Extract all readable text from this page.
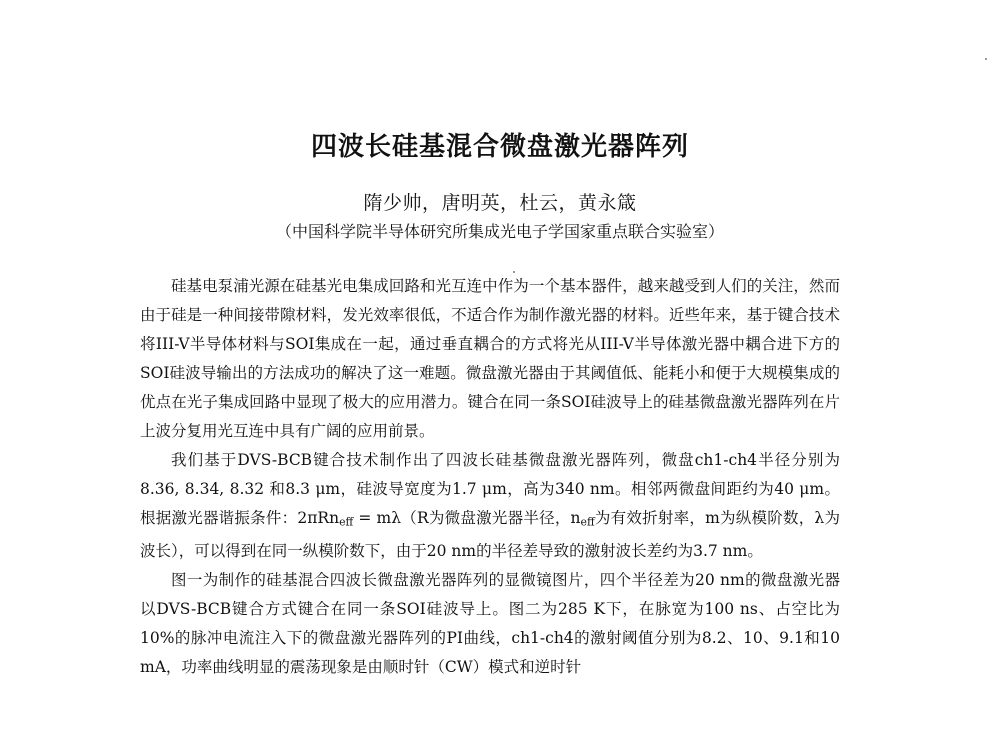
四波长硅基混合微盘激光器阵列
隋少帅，唐明英，杜云，黄永箴
（中国科学院半导体研究所集成光电子学国家重点联合实验室）

硅基电泵浦光源在硅基光电集成回路和光互连中作为一个基本器件，越来越受到人们的关注，然而由于硅是一种间接带隙材料，发光效率很低，不适合作为制作激光器的材料。近些年来，基于键合技术将III-V半导体材料与SOI集成在一起，通过垂直耦合的方式将光从III-V半导体激光器中耦合进下方的SOI硅波导输出的方法成功的解决了这一难题。微盘激光器由于其阈值低、能耗小和便于大规模集成的优点在光子集成回路中显现了极大的应用潜力。键合在同一条SOI硅波导上的硅基微盘激光器阵列在片上波分复用光互连中具有广阔的应用前景。

我们基于DVS-BCB键合技术制作出了四波长硅基微盘激光器阵列，微盘ch1-ch4半径分别为8.36, 8.34, 8.32 和8.3 μm，硅波导宽度为1.7 μm，高为340 nm。相邻两微盘间距约为40 μm。根据激光器谐振条件：2πRn$_{eff}$ = mλ（R为微盘激光器半径，$n_{eff}$为有效折射率，m为纵模阶数，λ为波长），可以得到在同一纵模阶数下，由于20 nm的半径差导致的激射波长差约为3.7 nm。

图一为制作的硅基混合四波长微盘激光器阵列的显微镜图片，四个半径差为20 nm的微盘激光器以DVS-BCB键合方式键合在同一条SOI硅波导上。图二为285 K下，在脉宽为100 ns、占空比为10%的脉冲电流注入下的微盘激光器阵列的PI曲线，ch1-ch4的激射阈值分别为8.2、10、9.1和10 mA，功率曲线明显的震荡现象是由顺时针（CW）模式和逆时针
